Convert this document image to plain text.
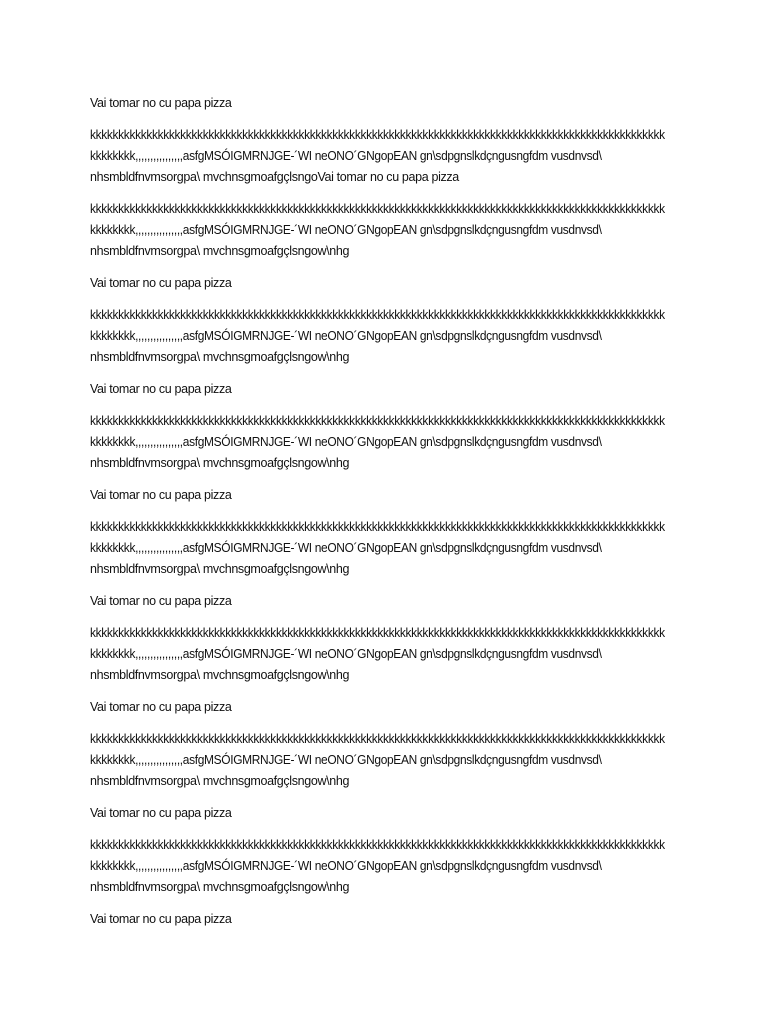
Vai tomar no cu papa pizza
kkkkkkkkkkkkkkkkkkkkkkkkkkkkkkkkkkkkkkkkkkkkkkkkkkkkkkkkkkkkkkkkkkkkkkkkkkkkkkkkkkkkkkkkkkkkkkkkkkkkkk
kkkkkkkk,,,,,,,,,,,,,,,,asfgMSÓIGMRNJGE-´WI neONO´GNgopEAN gn\sdpgnslkdçngusngfdm vusdnvsd\
nhsmbldfnvmsorgpa\ mvchnsgmoafgçlsngoVai tomar no cu papa pizza
kkkkkkkkkkkkkkkkkkkkkkkkkkkkkkkkkkkkkkkkkkkkkkkkkkkkkkkkkkkkkkkkkkkkkkkkkkkkkkkkkkkkkkkkkkkkkkkkkkkkkk
kkkkkkkk,,,,,,,,,,,,,,,,asfgMSÓIGMRNJGE-´WI neONO´GNgopEAN gn\sdpgnslkdçngusngfdm vusdnvsd\
nhsmbldfnvmsorgpa\ mvchnsgmoafgçlsngow\nhg
Vai tomar no cu papa pizza
kkkkkkkkkkkkkkkkkkkkkkkkkkkkkkkkkkkkkkkkkkkkkkkkkkkkkkkkkkkkkkkkkkkkkkkkkkkkkkkkkkkkkkkkkkkkkkkkkkkkkk
kkkkkkkk,,,,,,,,,,,,,,,,asfgMSÓIGMRNJGE-´WI neONO´GNgopEAN gn\sdpgnslkdçngusngfdm vusdnvsd\
nhsmbldfnvmsorgpa\ mvchnsgmoafgçlsngow\nhg
Vai tomar no cu papa pizza
kkkkkkkkkkkkkkkkkkkkkkkkkkkkkkkkkkkkkkkkkkkkkkkkkkkkkkkkkkkkkkkkkkkkkkkkkkkkkkkkkkkkkkkkkkkkkkkkkkkkkk
kkkkkkkk,,,,,,,,,,,,,,,,asfgMSÓIGMRNJGE-´WI neONO´GNgopEAN gn\sdpgnslkdçngusngfdm vusdnvsd\
nhsmbldfnvmsorgpa\ mvchnsgmoafgçlsngow\nhg
Vai tomar no cu papa pizza
kkkkkkkkkkkkkkkkkkkkkkkkkkkkkkkkkkkkkkkkkkkkkkkkkkkkkkkkkkkkkkkkkkkkkkkkkkkkkkkkkkkkkkkkkkkkkkkkkkkkkk
kkkkkkkk,,,,,,,,,,,,,,,,asfgMSÓIGMRNJGE-´WI neONO´GNgopEAN gn\sdpgnslkdçngusngfdm vusdnvsd\
nhsmbldfnvmsorgpa\ mvchnsgmoafgçlsngow\nhg
Vai tomar no cu papa pizza
kkkkkkkkkkkkkkkkkkkkkkkkkkkkkkkkkkkkkkkkkkkkkkkkkkkkkkkkkkkkkkkkkkkkkkkkkkkkkkkkkkkkkkkkkkkkkkkkkkkkkk
kkkkkkkk,,,,,,,,,,,,,,,,asfgMSÓIGMRNJGE-´WI neONO´GNgopEAN gn\sdpgnslkdçngusngfdm vusdnvsd\
nhsmbldfnvmsorgpa\ mvchnsgmoafgçlsngow\nhg
Vai tomar no cu papa pizza
kkkkkkkkkkkkkkkkkkkkkkkkkkkkkkkkkkkkkkkkkkkkkkkkkkkkkkkkkkkkkkkkkkkkkkkkkkkkkkkkkkkkkkkkkkkkkkkkkkkkkk
kkkkkkkk,,,,,,,,,,,,,,,,asfgMSÓIGMRNJGE-´WI neONO´GNgopEAN gn\sdpgnslkdçngusngfdm vusdnvsd\
nhsmbldfnvmsorgpa\ mvchnsgmoafgçlsngow\nhg
Vai tomar no cu papa pizza
kkkkkkkkkkkkkkkkkkkkkkkkkkkkkkkkkkkkkkkkkkkkkkkkkkkkkkkkkkkkkkkkkkkkkkkkkkkkkkkkkkkkkkkkkkkkkkkkkkkkkk
kkkkkkkk,,,,,,,,,,,,,,,,asfgMSÓIGMRNJGE-´WI neONO´GNgopEAN gn\sdpgnslkdçngusngfdm vusdnvsd\
nhsmbldfnvmsorgpa\ mvchnsgmoafgçlsngow\nhg
Vai tomar no cu papa pizza
